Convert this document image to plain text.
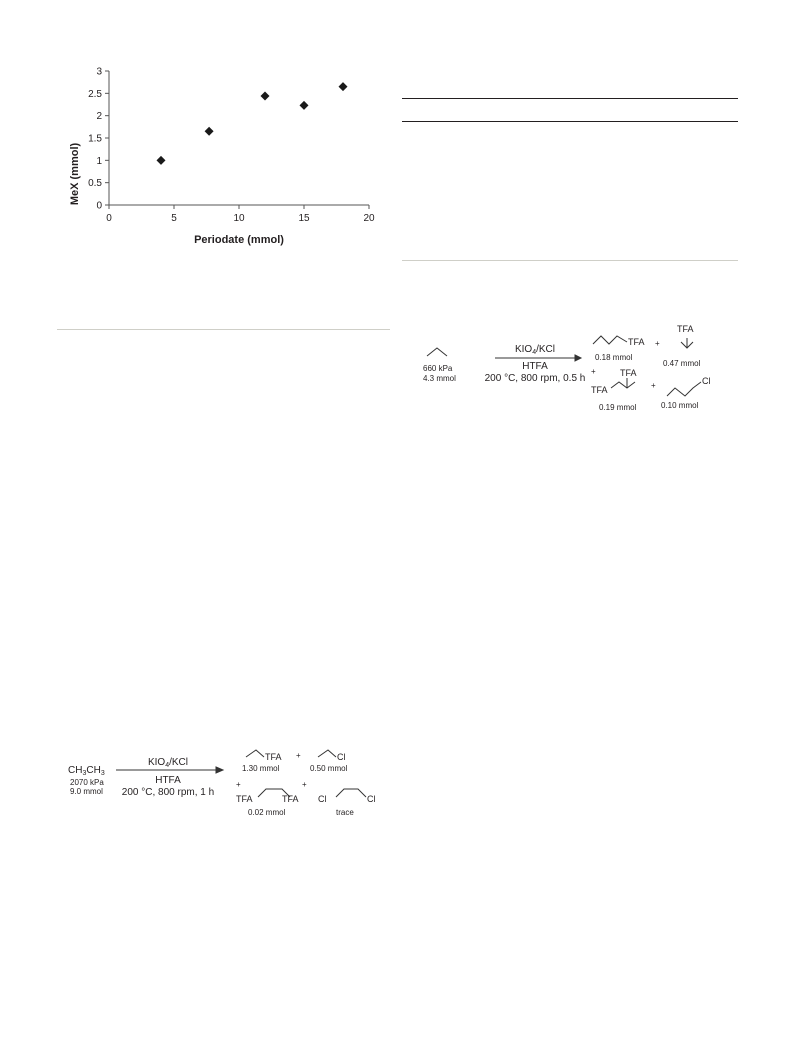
0
0.5
1
1.5
2
2.5
3
0	5	10	15	20
MeX (mmol)
Periodate (mmol)
660 kPa
4.3 mmol
$KIO_4$/KCl
HTFA
200 °C, 800 rpm, 0.5 h
TFA
0.18 mmol
+
TFA
0.47 mmol
+	TFA
TFA
0.19 mmol
+	Cl
0.10 mmol
$CH_3CH_3$
2070 kPa
9.0 mmol
$KIO_4$/KCl
HTFA
200 °C, 800 rpm, 1 h
TFA
1.30 mmol
+	Cl
0.50 mmol
+
TFA	TFA
0.02 mmol
+
Cl	Cl
trace
